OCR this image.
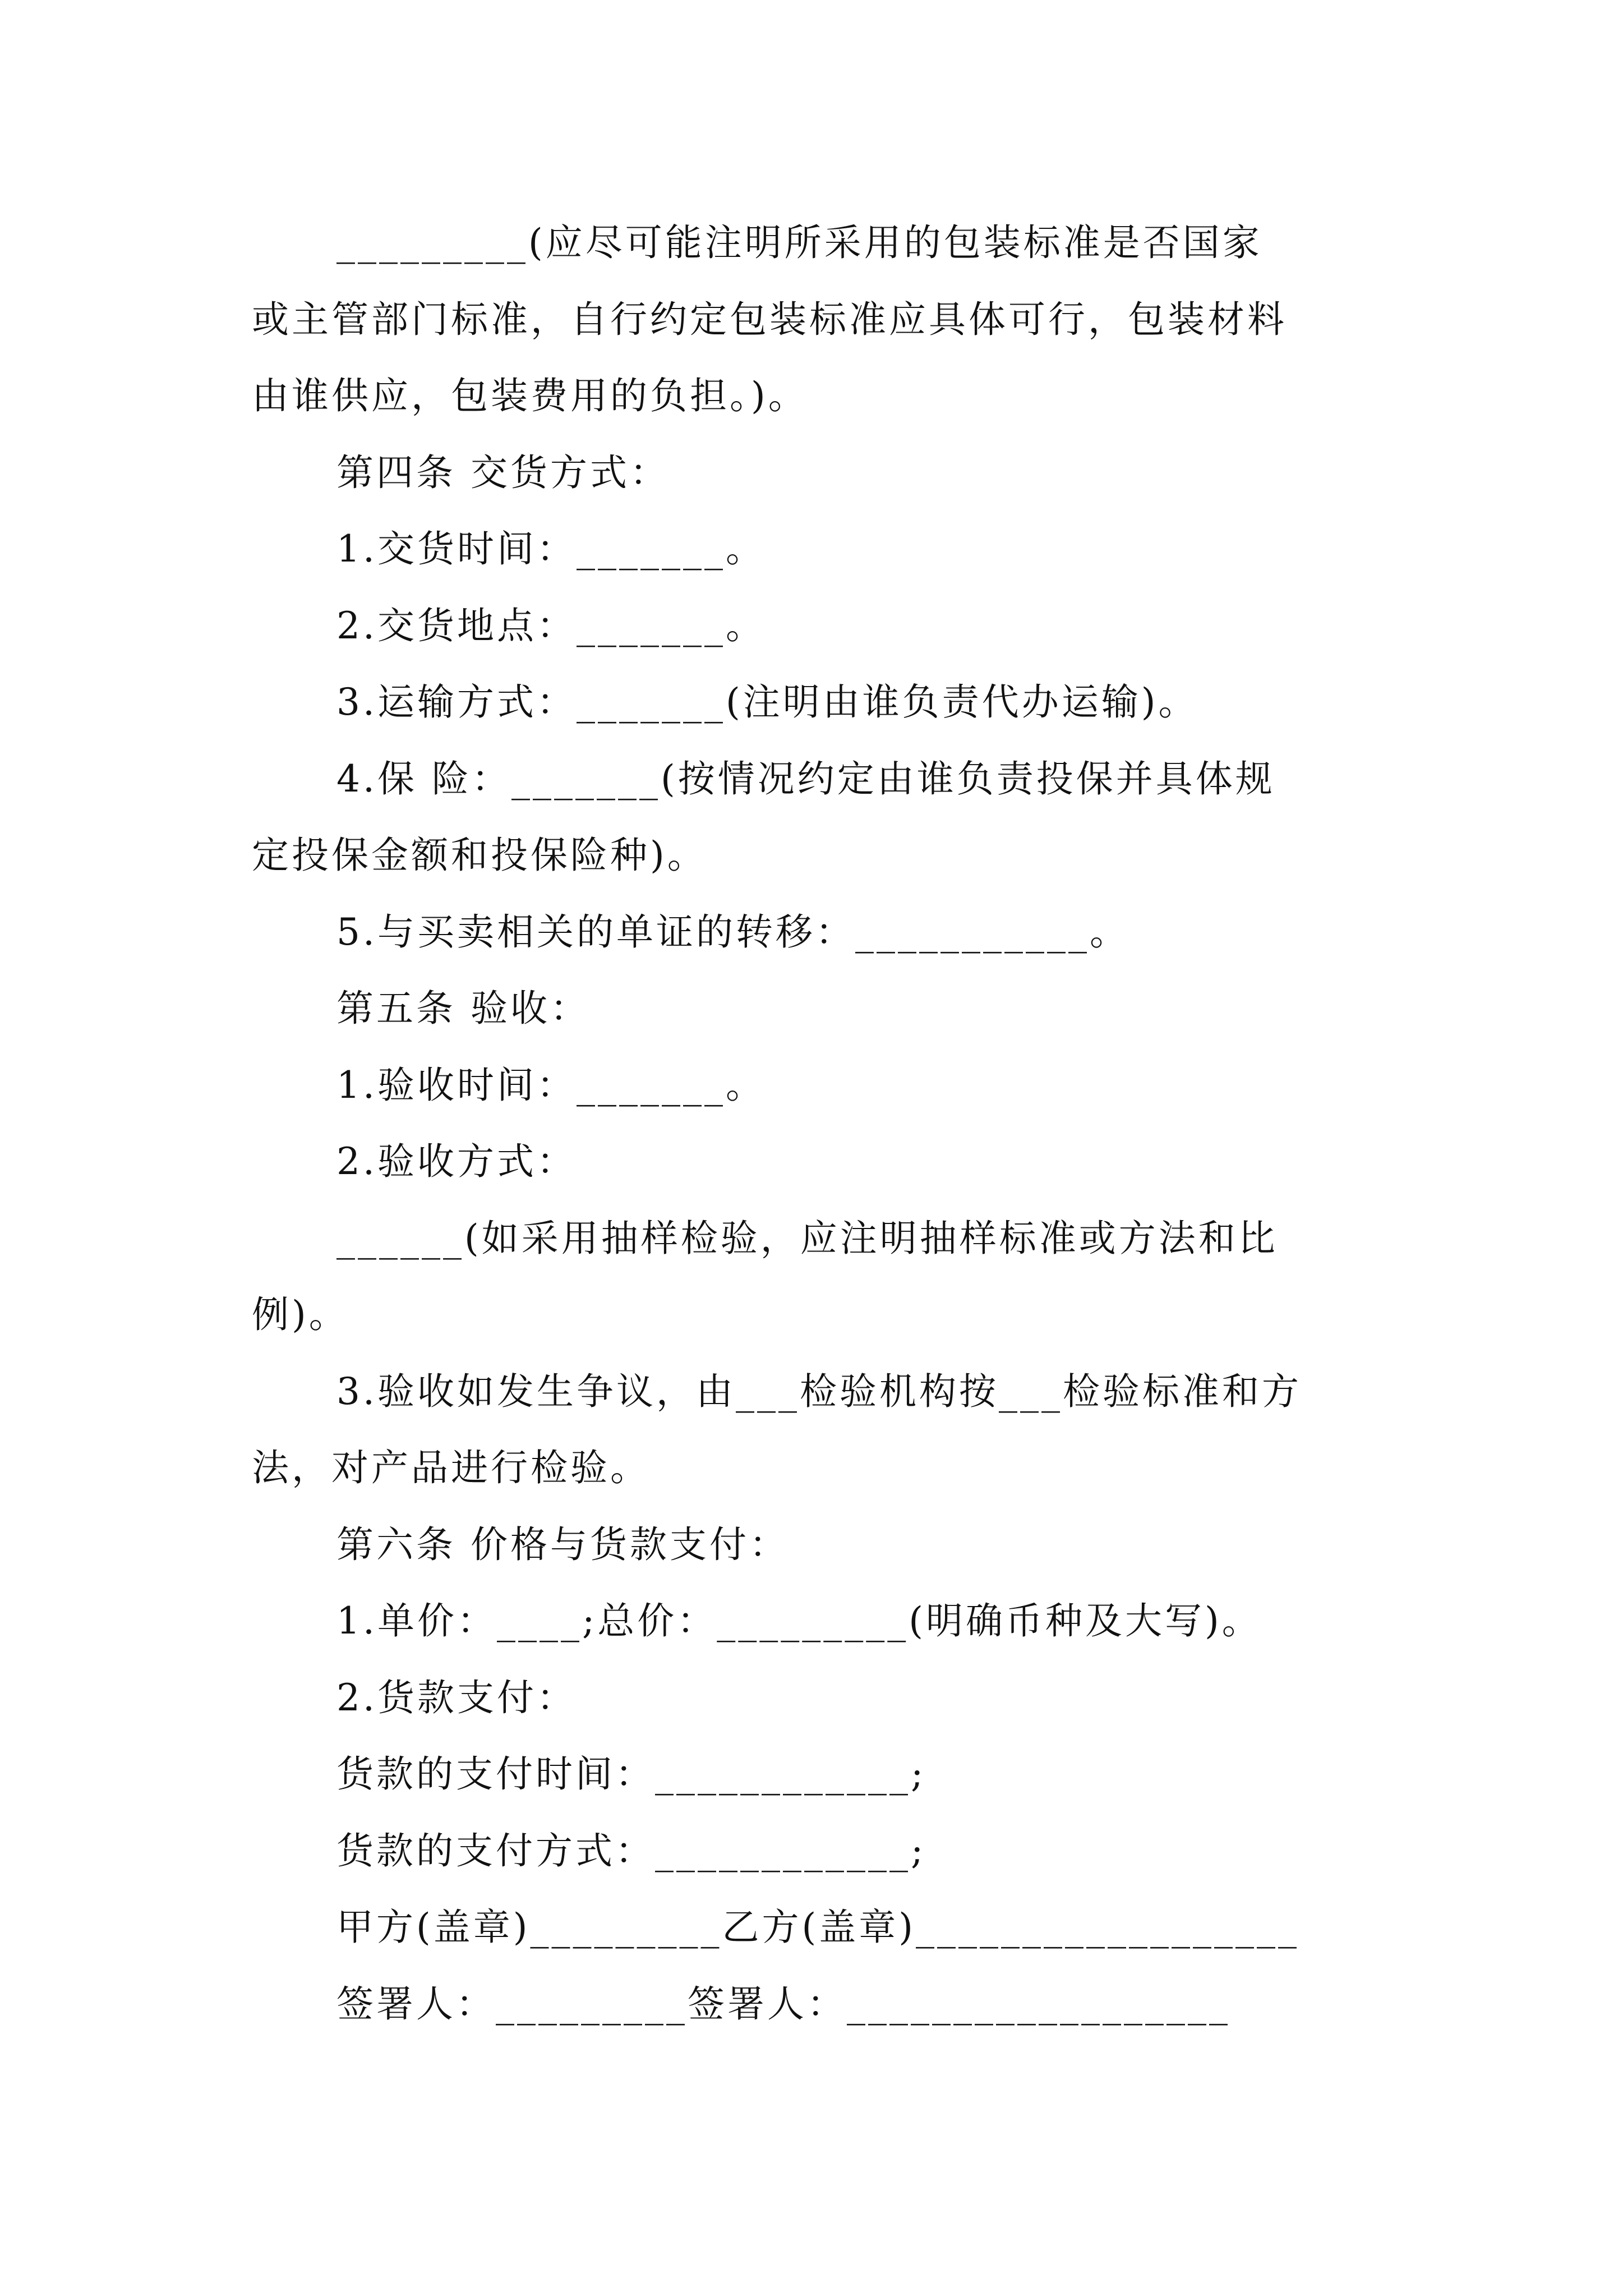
_________(应尽可能注明所采用的包装标准是否国家
或主管部门标准，自行约定包装标准应具体可行，包装材料
由谁供应，包装费用的负担。)。
第四条 交货方式：
1.交货时间：_______。
2.交货地点：_______。
3.运输方式：_______(注明由谁负责代办运输)。
4.保 险：_______(按情况约定由谁负责投保并具体规
定投保金额和投保险种)。
5.与买卖相关的单证的转移：___________。
第五条 验收：
1.验收时间：_______。
2.验收方式：
______(如采用抽样检验，应注明抽样标准或方法和比
例)。
3.验收如发生争议，由___检验机构按___检验标准和方
法，对产品进行检验。
第六条 价格与货款支付：
1.单价：____;总价：_________(明确币种及大写)。
2.货款支付：
货款的支付时间：____________;
货款的支付方式：____________;
甲方(盖章)_________乙方(盖章)__________________
签署人：_________签署人：__________________
